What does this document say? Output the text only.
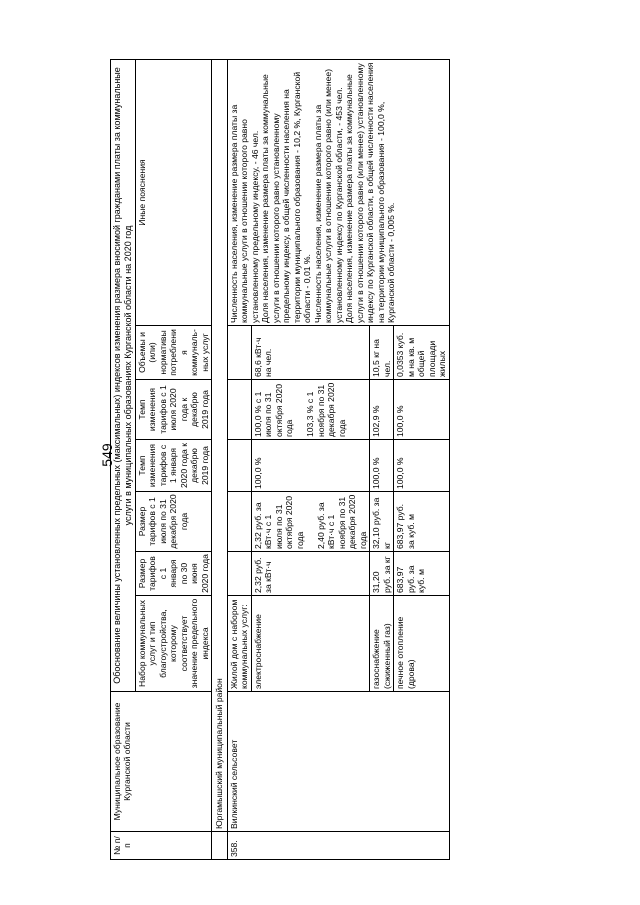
549
№ п/п	Муниципальное образование Курганской области	Обоснование величины установленных предельных (максимальных) индексов изменения размера вносимой гражданами платы за коммунальные услуги в муниципальных образованиях Курганской области на 2020 год						
		Набор коммунальных услуг и тип благоустройства, которому соответствует значение предельного индекса	Размер тарифов с 1 января по 30 июня 2020 года	Размер тарифов с 1 июля по 31 декабря 2020 года	Темп изменения тарифов с 1 января 2020 года к декабрю 2019 года	Темп изменения тарифов с 1 июля 2020 года к декабрю 2019 года	Объемы и (или) нормативы потребления коммуналь-ных услуг	Иные пояснения
	Юргамышский муниципальный район							
358.	Вилкинский сельсовет	Жилой дом с набором коммунальных услуг:						Численность населения, изменение размера платы за коммунальные услуги в отношении которого равно установленному предельному индексу, - 46 чел.
Доля населения, изменение размера платы за коммунальные услуги в отношении которого равно установленному предельному индексу, в общей численности населения на территории муниципального образования - 10,2 %, Курганской области - 0,01 %.
Численность населения, изменение размера платы за коммунальные услуги в отношении которого равно (или менее) установленному индексу по Курганской области, - 453 чел.
Доля населения, изменение размера платы за коммунальные услуги в отношении которого равно (или менее) установленному индексу по Курганской области, в общей численности населения на территории муниципального образования - 100,0 %, Курганской области - 0,005 %.
		электроснабжение	2,32 руб. за кВт·ч	2,32 руб. за кВт·ч с 1 июля по 31 октября 2020 года

2,40 руб. за кВт·ч с 1 ноября по 31 декабря 2020 года	100,0 %	100,0 % с 1 июля по 31 октября 2020 года

103,3 % с 1 ноября по 31 декабря 2020 года	68,6 кВт·ч на чел.	
		газоснабжение (сжиженный газ)	31,20 руб. за кг	32,10 руб. за кг	100,0 %	102,9 %	10,5 кг на чел.	
		печное отопление (дрова)	683,97 руб. за куб. м	683,97 руб. за куб. м	100,0 %	100,0 %	0,0353 куб. м на кв. м общей площади жилых	
